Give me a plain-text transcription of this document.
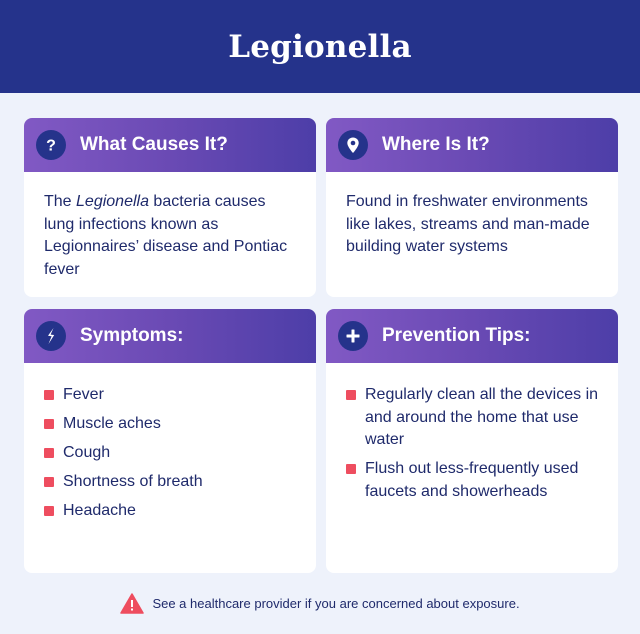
Legionella
? What Causes It?
The Legionella bacteria causes lung infections known as Legionnaires’ disease and Pontiac fever
Where Is It?
Found in freshwater environments like lakes, streams and man-made building water systems
Symptoms:
Fever
Muscle aches
Cough
Shortness of breath
Headache
Prevention Tips:
Regularly clean all the devices in and around the home that use water
Flush out less-frequently used faucets and showerheads
See a healthcare provider if you are concerned about exposure.
